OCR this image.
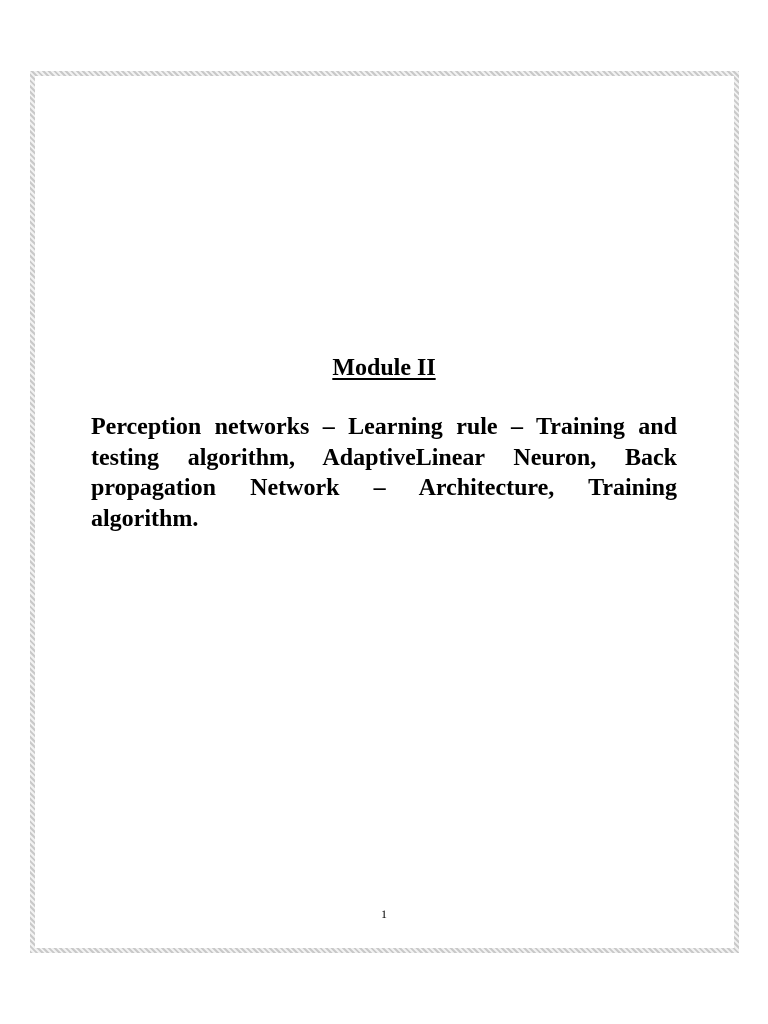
Module II

Perception networks – Learning rule – Training and testing algorithm, AdaptiveLinear Neuron, Back propagation Network – Architecture, Training algorithm.

1
